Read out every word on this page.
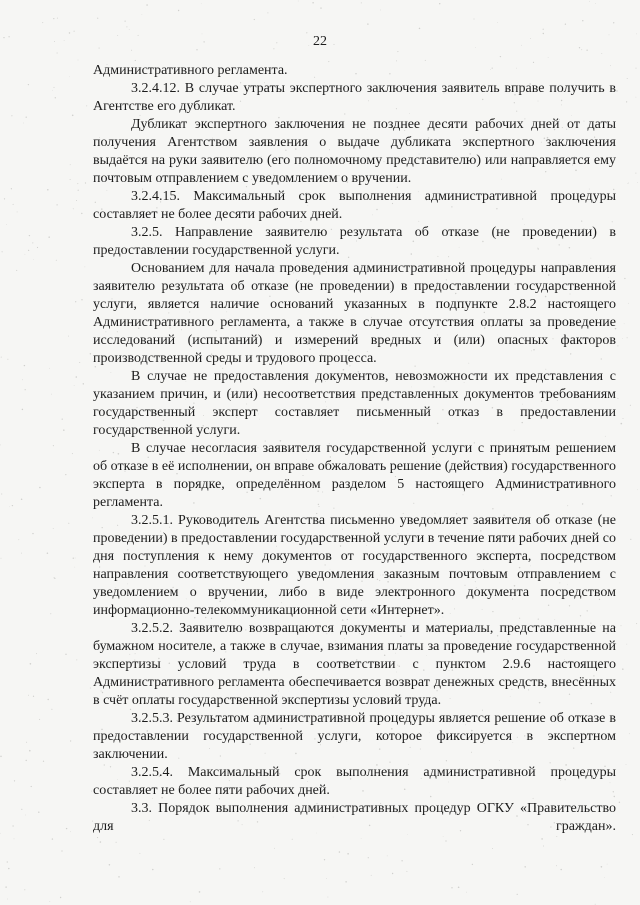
22

Административного регламента.

3.2.4.12. В случае утраты экспертного заключения заявитель вправе получить в Агентстве его дубликат.

Дубликат экспертного заключения не позднее десяти рабочих дней от даты получения Агентством заявления о выдаче дубликата экспертного заключения выдаётся на руки заявителю (его полномочному представителю) или направляется ему почтовым отправлением с уведомлением о вручении.

3.2.4.15. Максимальный срок выполнения административной процедуры составляет не более десяти рабочих дней.

3.2.5. Направление заявителю результата об отказе (не проведении) в предоставлении государственной услуги.

Основанием для начала проведения административной процедуры направления заявителю результата об отказе (не проведении) в предоставлении государственной услуги, является наличие оснований указанных в подпункте 2.8.2 настоящего Административного регламента, а также в случае отсутствия оплаты за проведение исследований (испытаний) и измерений вредных и (или) опасных факторов производственной среды и трудового процесса.

В случае не предоставления документов, невозможности их представления с указанием причин, и (или) несоответствия представленных документов требованиям государственный эксперт составляет письменный отказ в предоставлении государственной услуги.

В случае несогласия заявителя государственной услуги с принятым решением об отказе в её исполнении, он вправе обжаловать решение (действия) государственного эксперта в порядке, определённом разделом 5 настоящего Административного регламента.

3.2.5.1. Руководитель Агентства письменно уведомляет заявителя об отказе (не проведении) в предоставлении государственной услуги в течение пяти рабочих дней со дня поступления к нему документов от государственного эксперта, посредством направления соответствующего уведомления заказным почтовым отправлением с уведомлением о вручении, либо в виде электронного документа посредством информационно-телекоммуникационной сети «Интернет».

3.2.5.2. Заявителю возвращаются документы и материалы, представленные на бумажном носителе, а также в случае, взимания платы за проведение государственной экспертизы условий труда в соответствии с пунктом 2.9.6 настоящего Административного регламента обеспечивается возврат денежных средств, внесённых в счёт оплаты государственной экспертизы условий труда.

3.2.5.3. Результатом административной процедуры является решение об отказе в предоставлении государственной услуги, которое фиксируется в экспертном заключении.

3.2.5.4. Максимальный срок выполнения административной процедуры составляет не более пяти рабочих дней.

3.3. Порядок выполнения административных процедур ОГКУ «Правительство для граждан».
